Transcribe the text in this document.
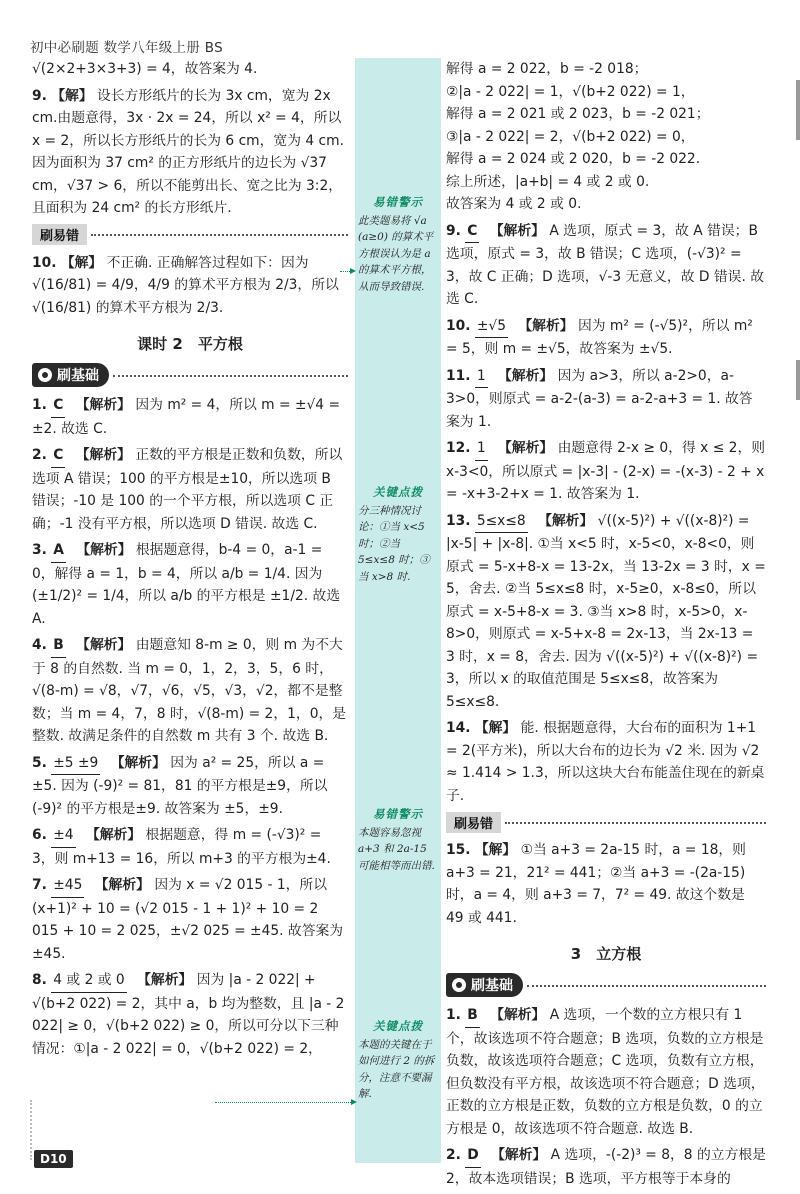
初中必刷题 数学八年级上册 BS
易错警示
此类题易将 √a (a≥0) 的算术平方根误认为是 a 的算术平方根，从而导致错误.
关键点拨
分三种情况讨论：①当 x<5 时；②当 5≤x≤8 时；③当 x>8 时.
易错警示
本题容易忽视 a+3 和 2a-15 可能相等而出错.
关键点拨
本题的关键在于如何进行 2 的拆分，注意不要漏解.
√(2×2+3×3+3) = 4，故答案为 4.
9. 【解】 设长方形纸片的长为 3x cm，宽为 2x cm.由题意得，3x · 2x = 24，所以 x² = 4，所以 x = 2，所以长方形纸片的长为 6 cm，宽为 4 cm. 因为面积为 37 cm² 的正方形纸片的边长为 √37 cm，√37 > 6，所以不能剪出长、宽之比为 3:2，且面积为 24 cm² 的长方形纸片.
刷易错
10. 【解】 不正确. 正确解答过程如下：因为 √(16/81) = 4/9，4/9 的算术平方根为 2/3，所以 √(16/81) 的算术平方根为 2/3.
课时 2　平方根
刷基础
1. C 【解析】 因为 m² = 4，所以 m = ±√4 = ±2. 故选 C.
2. C 【解析】 正数的平方根是正数和负数，所以选项 A 错误；100 的平方根是±10，所以选项 B 错误；-10 是 100 的一个平方根，所以选项 C 正确；-1 没有平方根，所以选项 D 错误. 故选 C.
3. A 【解析】 根据题意得，b-4 = 0，a-1 = 0，解得 a = 1，b = 4，所以 a/b = 1/4. 因为 (±1/2)² = 1/4，所以 a/b 的平方根是 ±1/2. 故选 A.
4. B 【解析】 由题意知 8-m ≥ 0，则 m 为不大于 8 的自然数. 当 m = 0，1，2，3，5，6 时，√(8-m) = √8，√7，√6，√5，√3，√2，都不是整数；当 m = 4，7，8 时，√(8-m) = 2，1，0，是整数. 故满足条件的自然数 m 共有 3 个. 故选 B.
5. ±5 ±9 【解析】 因为 a² = 25，所以 a = ±5. 因为 (-9)² = 81，81 的平方根是±9，所以 (-9)² 的平方根是±9. 故答案为 ±5，±9.
6. ±4 【解析】 根据题意，得 m = (-√3)² = 3，则 m+13 = 16，所以 m+3 的平方根为±4.
7. ±45 【解析】 因为 x = √2 015 - 1，所以 (x+1)² + 10 = (√2 015 - 1 + 1)² + 10 = 2 015 + 10 = 2 025，±√2 025 = ±45. 故答案为 ±45.
8. 4 或 2 或 0 【解析】 因为 |a - 2 022| + √(b+2 022) = 2，其中 a，b 均为整数，且 |a - 2 022| ≥ 0，√(b+2 022) ≥ 0，所以可分以下三种情况：①|a - 2 022| = 0，√(b+2 022) = 2，
解得 a = 2 022，b = -2 018；
②|a - 2 022| = 1，√(b+2 022) = 1，
解得 a = 2 021 或 2 023，b = -2 021；
③|a - 2 022| = 2，√(b+2 022) = 0，
解得 a = 2 024 或 2 020，b = -2 022.
综上所述，|a+b| = 4 或 2 或 0.
故答案为 4 或 2 或 0.
9. C 【解析】 A 选项，原式 = 3，故 A 错误；B 选项，原式 = 3，故 B 错误；C 选项，(-√3)² = 3，故 C 正确；D 选项，√-3 无意义，故 D 错误. 故选 C.
10. ±√5 【解析】 因为 m² = (-√5)²，所以 m² = 5，则 m = ±√5，故答案为 ±√5.
11. 1 【解析】 因为 a>3，所以 a-2>0，a-3>0，则原式 = a-2-(a-3) = a-2-a+3 = 1. 故答案为 1.
12. 1 【解析】 由题意得 2-x ≥ 0，得 x ≤ 2，则 x-3<0，所以原式 = |x-3| - (2-x) = -(x-3) - 2 + x = -x+3-2+x = 1. 故答案为 1.
13. 5≤x≤8 【解析】 √((x-5)²) + √((x-8)²) = |x-5| + |x-8|. ①当 x<5 时，x-5<0，x-8<0，则原式 = 5-x+8-x = 13-2x，当 13-2x = 3 时，x = 5，舍去. ②当 5≤x≤8 时，x-5≥0，x-8≤0，所以原式 = x-5+8-x = 3. ③当 x>8 时，x-5>0，x-8>0，则原式 = x-5+x-8 = 2x-13，当 2x-13 = 3 时，x = 8，舍去. 因为 √((x-5)²) + √((x-8)²) = 3，所以 x 的取值范围是 5≤x≤8，故答案为 5≤x≤8.
14. 【解】 能. 根据题意得，大台布的面积为 1+1 = 2(平方米)，所以大台布的边长为 √2 米. 因为 √2 ≈ 1.414 > 1.3，所以这块大台布能盖住现在的新桌子.
刷易错
15. 【解】 ①当 a+3 = 2a-15 时，a = 18，则 a+3 = 21，21² = 441；②当 a+3 = -(2a-15) 时，a = 4，则 a+3 = 7，7² = 49. 故这个数是 49 或 441.
3　立方根
刷基础
1. B 【解析】 A 选项，一个数的立方根只有 1 个，故该选项不符合题意；B 选项，负数的立方根是负数，故该选项符合题意；C 选项，负数有立方根，但负数没有平方根，故该选项不符合题意；D 选项，正数的立方根是正数，负数的立方根是负数，0 的立方根是 0，故该选项不符合题意. 故选 B.
2. D 【解析】 A 选项，-(-2)³ = 8，8 的立方根是 2，故本选项错误；B 选项，平方根等于本身的
D10
